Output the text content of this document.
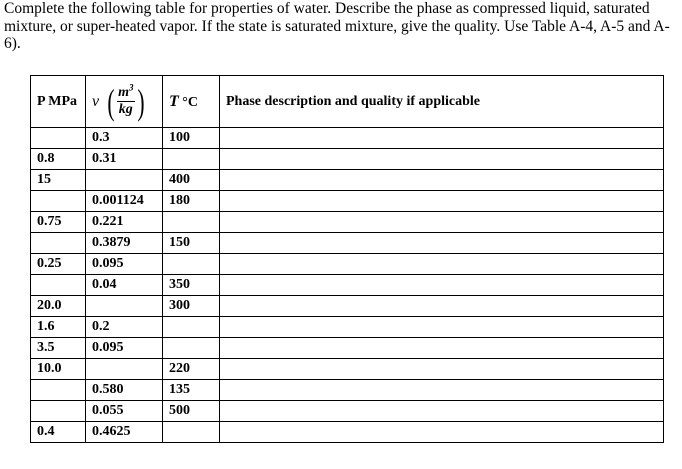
Complete the following table for properties of water. Describe the phase as compressed liquid, saturated mixture, or super-heated vapor. If the state is saturated mixture, give the quality. Use Table A-4, A-5 and A-6).

P MPa	v ( $\frac{m^3}{kg}$ )	T °C	Phase description and quality if applicable
	0.3	100	
0.8	0.31		
15		400	
	0.001124	180	
0.75	0.221		
	0.3879	150	
0.25	0.095		
	0.04	350	
20.0		300	
1.6	0.2		
3.5	0.095		
10.0		220	
	0.580	135	
	0.055	500	
0.4	0.4625		
